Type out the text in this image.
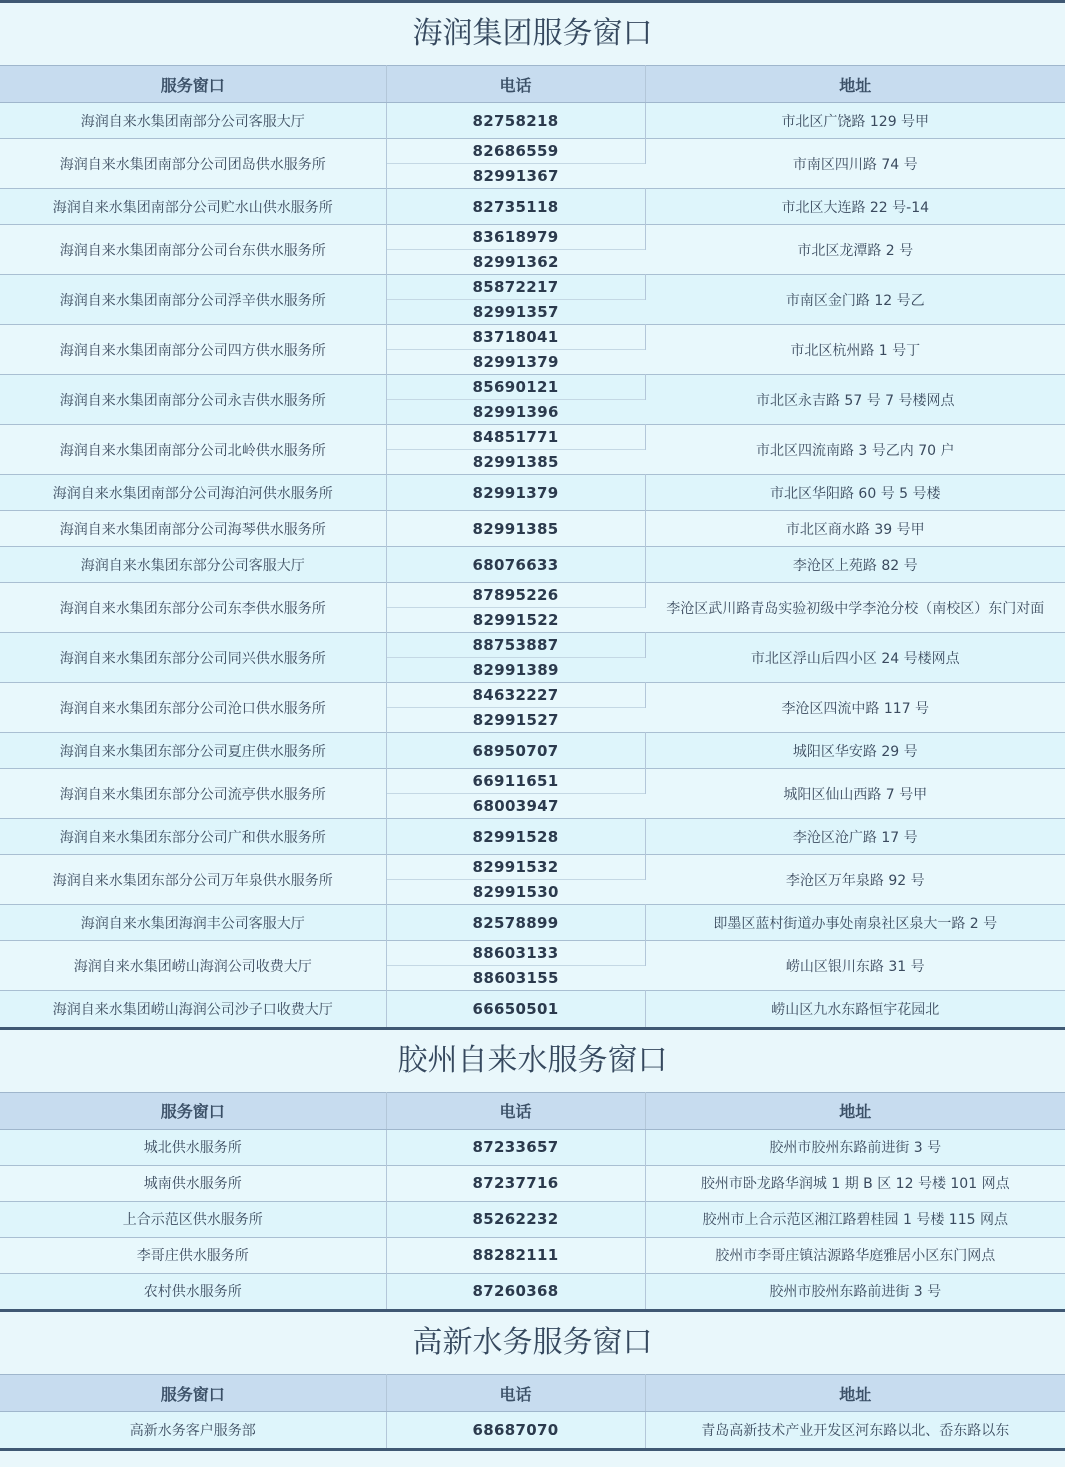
海润集团服务窗口
服务窗口	电话	地址
海润自来水集团南部分公司客服大厅	82758218	市北区广饶路 129 号甲
海润自来水集团南部分公司团岛供水服务所	82686559	市南区四川路 74 号
	82991367	
海润自来水集团南部分公司贮水山供水服务所	82735118	市北区大连路 22 号-14
海润自来水集团南部分公司台东供水服务所	83618979	市北区龙潭路 2 号
	82991362	
海润自来水集团南部分公司浮辛供水服务所	85872217	市南区金门路 12 号乙
	82991357	
海润自来水集团南部分公司四方供水服务所	83718041	市北区杭州路 1 号丁
	82991379	
海润自来水集团南部分公司永吉供水服务所	85690121	市北区永吉路 57 号 7 号楼网点
	82991396	
海润自来水集团南部分公司北岭供水服务所	84851771	市北区四流南路 3 号乙内 70 户
	82991385	
海润自来水集团南部分公司海泊河供水服务所	82991379	市北区华阳路 60 号 5 号楼
海润自来水集团南部分公司海琴供水服务所	82991385	市北区商水路 39 号甲
海润自来水集团东部分公司客服大厅	68076633	李沧区上苑路 82 号
海润自来水集团东部分公司东李供水服务所	87895226	李沧区武川路青岛实验初级中学李沧分校（南校区）东门对面
	82991522	
海润自来水集团东部分公司同兴供水服务所	88753887	市北区浮山后四小区 24 号楼网点
	82991389	
海润自来水集团东部分公司沧口供水服务所	84632227	李沧区四流中路 117 号
	82991527	
海润自来水集团东部分公司夏庄供水服务所	68950707	城阳区华安路 29 号
海润自来水集团东部分公司流亭供水服务所	66911651	城阳区仙山西路 7 号甲
	68003947	
海润自来水集团东部分公司广和供水服务所	82991528	李沧区沧广路 17 号
海润自来水集团东部分公司万年泉供水服务所	82991532	李沧区万年泉路 92 号
	82991530	
海润自来水集团海润丰公司客服大厅	82578899	即墨区蓝村街道办事处南泉社区泉大一路 2 号
海润自来水集团崂山海润公司收费大厅	88603133	崂山区银川东路 31 号
	88603155	
海润自来水集团崂山海润公司沙子口收费大厅	66650501	崂山区九水东路恒宇花园北
胶州自来水服务窗口
服务窗口	电话	地址
城北供水服务所	87233657	胶州市胶州东路前进街 3 号
城南供水服务所	87237716	胶州市卧龙路华润城 1 期 B 区 12 号楼 101 网点
上合示范区供水服务所	85262232	胶州市上合示范区湘江路碧桂园 1 号楼 115 网点
李哥庄供水服务所	88282111	胶州市李哥庄镇沽源路华庭雅居小区东门网点
农村供水服务所	87260368	胶州市胶州东路前进街 3 号
高新水务服务窗口
服务窗口	电话	地址
高新水务客户服务部	68687070	青岛高新技术产业开发区河东路以北、岙东路以东
